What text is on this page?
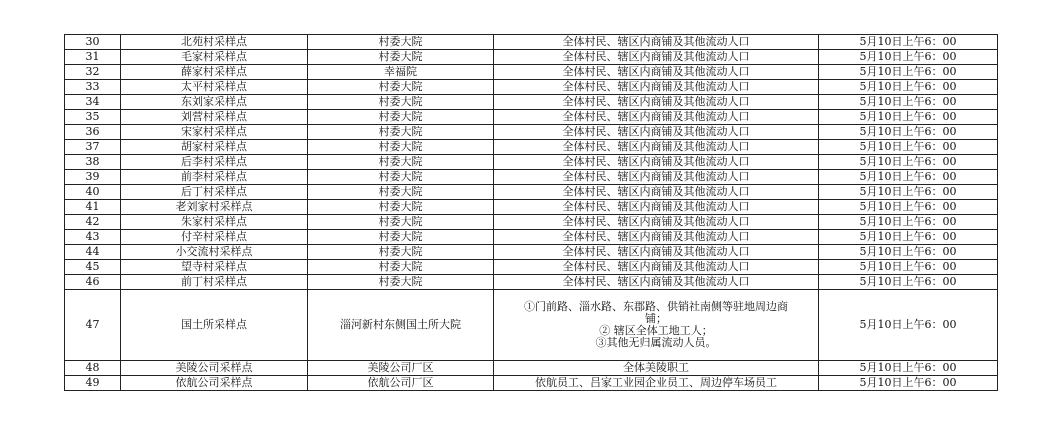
30	北苑村采样点	村委大院	全体村民、辖区内商铺及其他流动人口	5月10日上午6：00
31	毛家村采样点	村委大院	全体村民、辖区内商铺及其他流动人口	5月10日上午6：00
32	薛家村采样点	幸福院	全体村民、辖区内商铺及其他流动人口	5月10日上午6：00
33	太平村采样点	村委大院	全体村民、辖区内商铺及其他流动人口	5月10日上午6：00
34	东刘家采样点	村委大院	全体村民、辖区内商铺及其他流动人口	5月10日上午6：00
35	刘营村采样点	村委大院	全体村民、辖区内商铺及其他流动人口	5月10日上午6：00
36	宋家村采样点	村委大院	全体村民、辖区内商铺及其他流动人口	5月10日上午6：00
37	胡家村采样点	村委大院	全体村民、辖区内商铺及其他流动人口	5月10日上午6：00
38	后李村采样点	村委大院	全体村民、辖区内商铺及其他流动人口	5月10日上午6：00
39	前李村采样点	村委大院	全体村民、辖区内商铺及其他流动人口	5月10日上午6：00
40	后丁村采样点	村委大院	全体村民、辖区内商铺及其他流动人口	5月10日上午6：00
41	老刘家村采样点	村委大院	全体村民、辖区内商铺及其他流动人口	5月10日上午6：00
42	朱家村采样点	村委大院	全体村民、辖区内商铺及其他流动人口	5月10日上午6：00
43	付辛村采样点	村委大院	全体村民、辖区内商铺及其他流动人口	5月10日上午6：00
44	小交流村采样点	村委大院	全体村民、辖区内商铺及其他流动人口	5月10日上午6：00
45	望寺村采样点	村委大院	全体村民、辖区内商铺及其他流动人口	5月10日上午6：00
46	前丁村采样点	村委大院	全体村民、辖区内商铺及其他流动人口	5月10日上午6：00
47	国土所采样点	淄河新村东侧国土所大院	①门前路、淄水路、东郡路、供销社南侧等驻地周边商
铺；
② 辖区全体工地工人；
③其他无归属流动人员。	5月10日上午6：00
48	美陵公司采样点	美陵公司厂区	全体美陵职工	5月10日上午6：00
49	依航公司采样点	依航公司厂区	依航员工、吕家工业园企业员工、周边停车场员工	5月10日上午6：00
